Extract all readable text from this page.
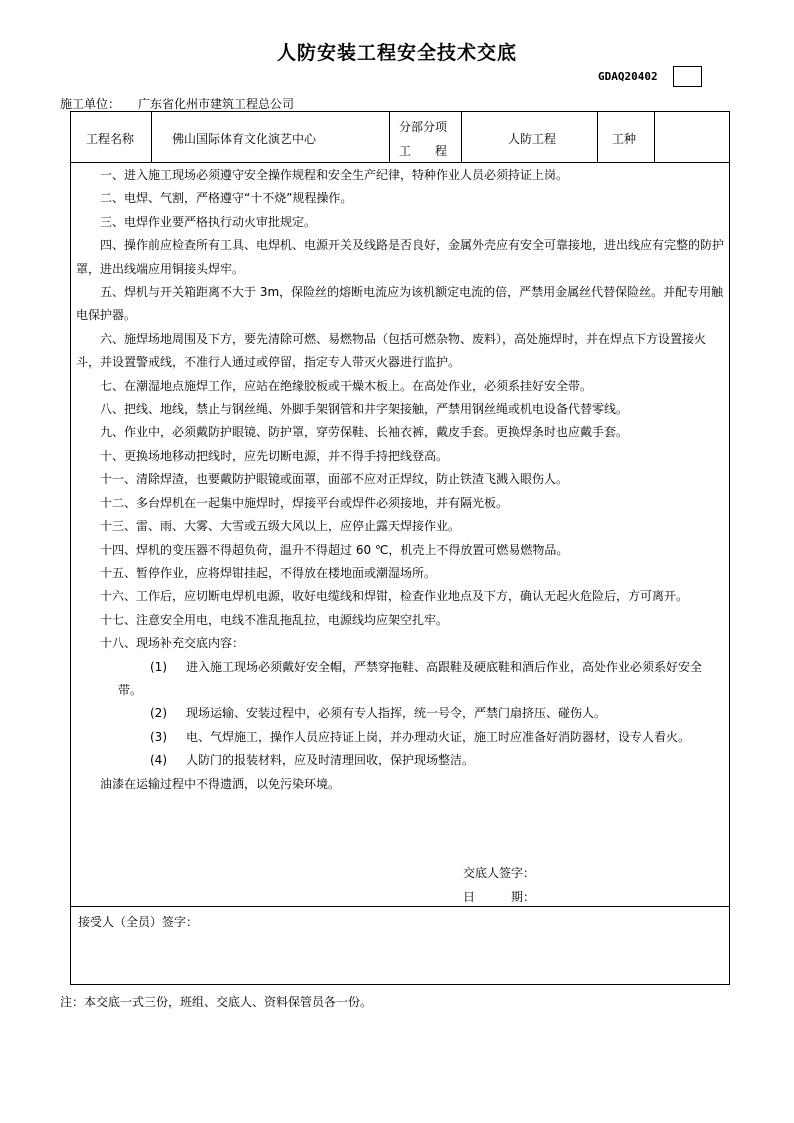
人防安装工程安全技术交底
GDAQ20402
施工单位： 广东省化州市建筑工程总公司
工程名称	佛山国际体育文化演艺中心
分部分项
工　　程
人防工程	工种

一、进入施工现场必须遵守安全操作规程和安全生产纪律，特种作业人员必须持证上岗。

二、电焊、气割，严格遵守“十不烧”规程操作。

三、电焊作业要严格执行动火审批规定。

四、操作前应检查所有工具、电焊机、电源开关及线路是否良好，金属外壳应有安全可靠接地，进出线应有完整的防护罩，进出线端应用铜接头焊牢。

五、焊机与开关箱距离不大于 3m，保险丝的熔断电流应为该机额定电流的倍，严禁用金属丝代替保险丝。并配专用触电保护器。

六、施焊场地周围及下方，要先清除可燃、易燃物品（包括可燃杂物、废料），高处施焊时，并在焊点下方设置接火斗，并设置警戒线，不准行人通过或停留，指定专人带灭火器进行监护。

七、在潮湿地点施焊工作，应站在绝缘胶板或干燥木板上。在高处作业，必须系挂好安全带。

八、把线、地线，禁止与钢丝绳、外脚手架钢管和井字架接触，严禁用钢丝绳或机电设备代替零线。

九、作业中，必须戴防护眼镜、防护罩，穿劳保鞋、长袖衣裤，戴皮手套。更换焊条时也应戴手套。

十、更换场地移动把线时，应先切断电源，并不得手持把线登高。

十一、清除焊渣，也要戴防护眼镜或面罩，面部不应对正焊纹，防止铁渣飞溅入眼伤人。

十二、多台焊机在一起集中施焊时，焊接平台或焊件必须接地，并有隔光板。

十三、雷、雨、大雾、大雪或五级大风以上，应停止露天焊接作业。

十四、焊机的变压器不得超负荷，温升不得超过 60 ℃，机壳上不得放置可燃易燃物品。

十五、暂停作业，应将焊钳挂起，不得放在楼地面或潮湿场所。

十六、工作后，应切断电焊机电源，收好电缆线和焊钳，检查作业地点及下方，确认无起火危险后，方可离开。

十七、注意安全用电，电线不准乱拖乱拉，电源线均应架空扎牢。

十八、现场补充交底内容：

(1) 进入施工现场必须戴好安全帽，严禁穿拖鞋、高跟鞋及硬底鞋和酒后作业，高处作业必须系好安全带。

(2) 现场运输、安装过程中，必须有专人指挥，统一号令，严禁门扇挤压、碰伤人。

(3) 电、气焊施工，操作人员应持证上岗，并办理动火证，施工时应准备好消防器材，设专人看火。

(4) 人防门的报装材料，应及时清理回收，保护现场整洁。

油漆在运输过程中不得遗洒，以免污染环境。

交底人签字：
日　　　期：
接受人（全员）签字：
注：本交底一式三份，班组、交底人、资料保管员各一份。
